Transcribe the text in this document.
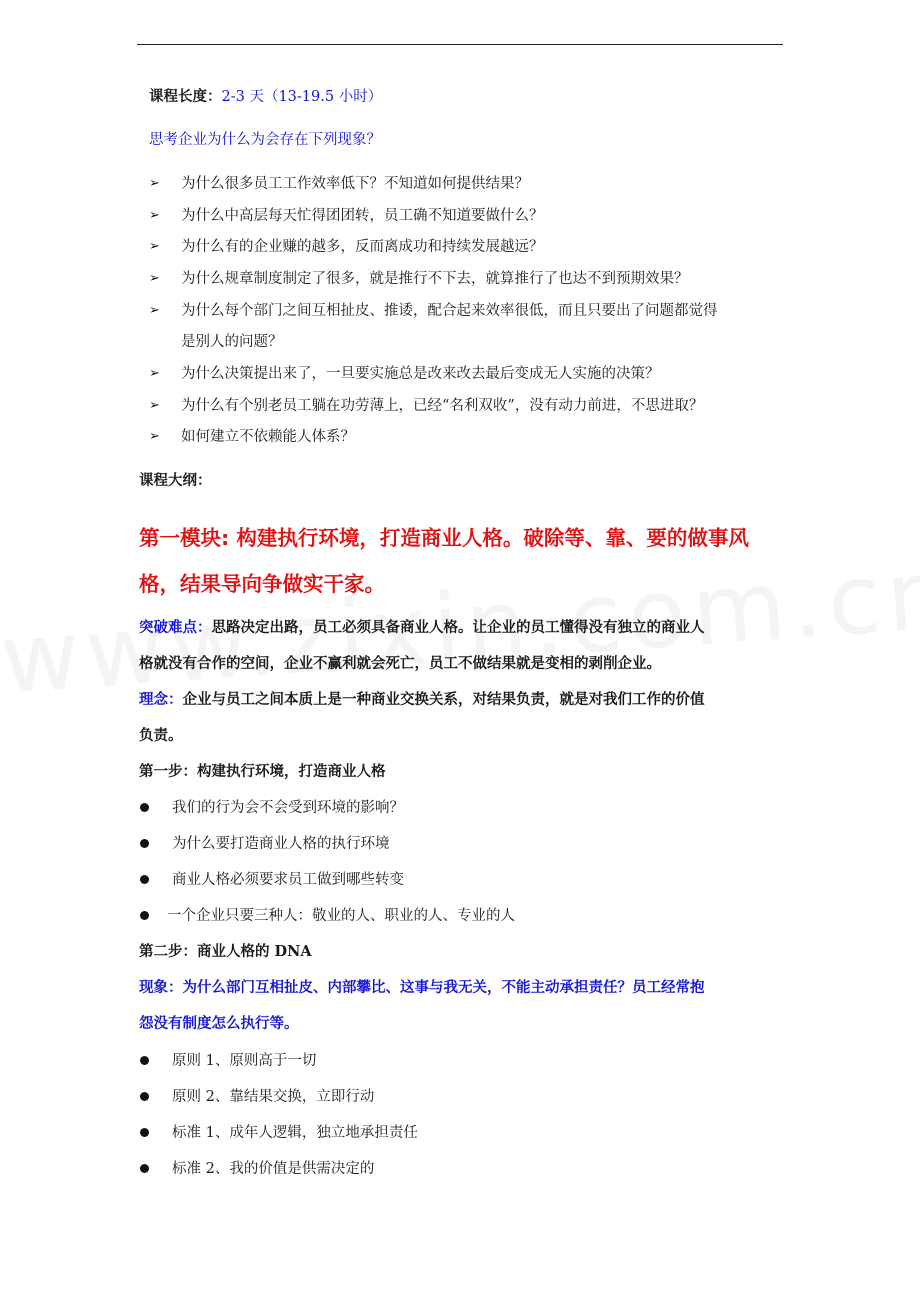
课程长度：2-3 天（13-19.5 小时）
思考企业为什么为会存在下列现象？
➢ 为什么很多员工工作效率低下？不知道如何提供结果？
➢ 为什么中高层每天忙得团团转，员工确不知道要做什么？
➢ 为什么有的企业赚的越多，反而离成功和持续发展越远？
➢ 为什么规章制度制定了很多，就是推行不下去，就算推行了也达不到预期效果？
➢ 为什么每个部门之间互相扯皮、推诿，配合起来效率很低，而且只要出了问题都觉得
是别人的问题？
➢ 为什么决策提出来了，一旦要实施总是改来改去最后变成无人实施的决策？
➢ 为什么有个别老员工躺在功劳薄上，已经“名利双收”，没有动力前进，不思进取？
➢ 如何建立不依赖能人体系？
课程大纲：
第一模块: 构建执行环境，打造商业人格。破除等、靠、要的做事风
格，结果导向争做实干家。
突破难点：思路决定出路，员工必须具备商业人格。让企业的员工懂得没有独立的商业人
格就没有合作的空间，企业不赢利就会死亡，员工不做结果就是变相的剥削企业。
理念：企业与员工之间本质上是一种商业交换关系，对结果负责，就是对我们工作的价值
负责。
第一步：构建执行环境，打造商业人格
我们的行为会不会受到环境的影响？
为什么要打造商业人格的执行环境
商业人格必须要求员工做到哪些转变
一个企业只要三种人：敬业的人、职业的人、专业的人
第二步：商业人格的 DNA
现象：为什么部门互相扯皮、内部攀比、这事与我无关，不能主动承担责任？员工经常抱
怨没有制度怎么执行等。
原则 1、原则高于一切
原则 2、靠结果交换，立即行动
标准 1、成年人逻辑，独立地承担责任
标准 2、我的价值是供需决定的
